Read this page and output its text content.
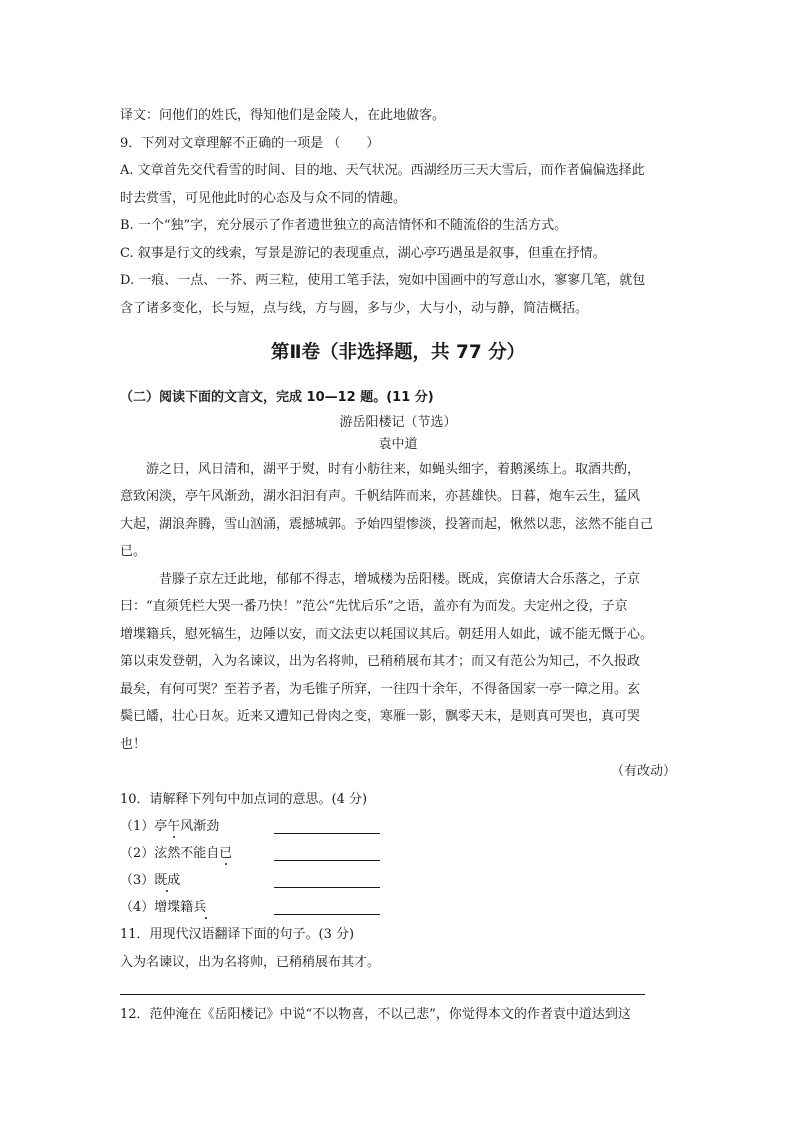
译文：问他们的姓氏，得知他们是金陵人，在此地做客。
9．下列对文章理解不正确的一项是 （　　）
A. 文章首先交代看雪的时间、目的地、天气状况。西湖经历三天大雪后，而作者偏偏选择此
时去赏雪，可见他此时的心态及与众不同的情趣。
B. 一个“独”字，充分展示了作者遗世独立的高洁情怀和不随流俗的生活方式。
C. 叙事是行文的线索，写景是游记的表现重点，湖心亭巧遇虽是叙事，但重在抒情。
D. 一痕、一点、一芥、两三粒，使用工笔手法，宛如中国画中的写意山水，寥寥几笔，就包
含了诸多变化，长与短，点与线，方与圆，多与少，大与小，动与静，简洁概括。
第Ⅱ卷（非选择题，共 77 分）
（二）阅读下面的文言文，完成 10—12 题。(11 分)
游岳阳楼记（节选）
袁中道
游之日，风日清和，湖平于熨，时有小舫往来，如蝇头细字，着鹅溪练上。取酒共酌，
意致闲淡，亭午风渐劲，湖水汩汩有声。千帆结阵而来，亦甚雄快。日暮，炮车云生，猛风
大起，湖浪奔腾，雪山汹涌，震撼城郭。予始四望惨淡，投箸而起，愀然以悲，泫然不能自己
已。
昔滕子京左迁此地，郁郁不得志，增城楼为岳阳楼。既成，宾僚请大合乐落之，子京
曰：“直须凭栏大哭一番乃快！”范公“先忧后乐”之语，盖亦有为而发。夫定州之役，子京
增堞籍兵，慰死犒生，边陲以安，而文法吏以耗国议其后。朝廷用人如此，诚不能无慨于心。
第以束发登朝，入为名谏议，出为名将帅，已稍稍展布其才；而又有范公为知己，不久报政
最矣，有何可哭？至若予者，为毛锥子所穽，一往四十余年，不得备国家一亭一障之用。玄
鬓已皤，壮心日灰。近来又遭知己骨肉之变，寒雁一影，飘零天末，是则真可哭也，真可哭
也！
（有改动）
10．请解释下列句中加点词的意思。(4 分)
（1）亭午风渐劲
（2）泫然不能自已
（3）既成
（4）增堞籍兵
11．用现代汉语翻译下面的句子。(3 分)
入为名谏议，出为名将帅，已稍稍展布其才。
12．范仲淹在《岳阳楼记》中说“不以物喜，不以己悲”，你觉得本文的作者袁中道达到这
